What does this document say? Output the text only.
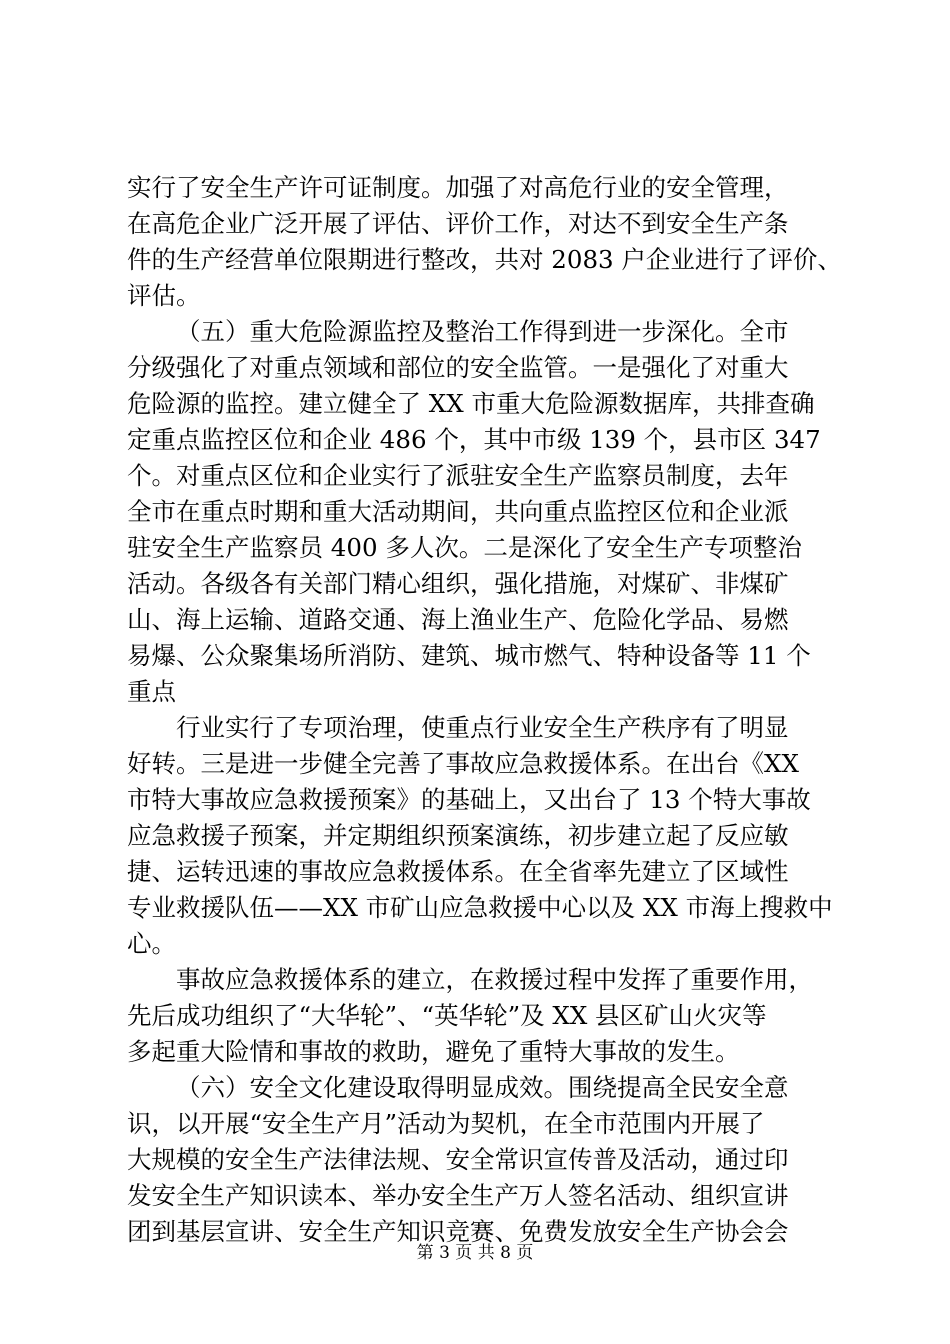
实行了安全生产许可证制度。加强了对高危行业的安全管理，
在高危企业广泛开展了评估、评价工作，对达不到安全生产条
件的生产经营单位限期进行整改，共对 2083 户企业进行了评价、
评估。
（五）重大危险源监控及整治工作得到进一步深化。全市
分级强化了对重点领域和部位的安全监管。一是强化了对重大
危险源的监控。建立健全了 XX 市重大危险源数据库，共排查确
定重点监控区位和企业 486 个，其中市级 139 个，县市区 347
个。对重点区位和企业实行了派驻安全生产监察员制度，去年
全市在重点时期和重大活动期间，共向重点监控区位和企业派
驻安全生产监察员 400 多人次。二是深化了安全生产专项整治
活动。各级各有关部门精心组织，强化措施，对煤矿、非煤矿
山、海上运输、道路交通、海上渔业生产、危险化学品、易燃
易爆、公众聚集场所消防、建筑、城市燃气、特种设备等 11 个
重点
行业实行了专项治理，使重点行业安全生产秩序有了明显
好转。三是进一步健全完善了事故应急救援体系。在出台《XX
市特大事故应急救援预案》的基础上，又出台了 13 个特大事故
应急救援子预案，并定期组织预案演练，初步建立起了反应敏
捷、运转迅速的事故应急救援体系。在全省率先建立了区域性
专业救援队伍——XX 市矿山应急救援中心以及 XX 市海上搜救中
心。
事故应急救援体系的建立，在救援过程中发挥了重要作用，
先后成功组织了“大华轮”、“英华轮”及 XX 县区矿山火灾等
多起重大险情和事故的救助，避免了重特大事故的发生。
（六）安全文化建设取得明显成效。围绕提高全民安全意
识，以开展“安全生产月”活动为契机，在全市范围内开展了
大规模的安全生产法律法规、安全常识宣传普及活动，通过印
发安全生产知识读本、举办安全生产万人签名活动、组织宣讲
团到基层宣讲、安全生产知识竞赛、免费发放安全生产协会会
第 3 页 共 8 页
